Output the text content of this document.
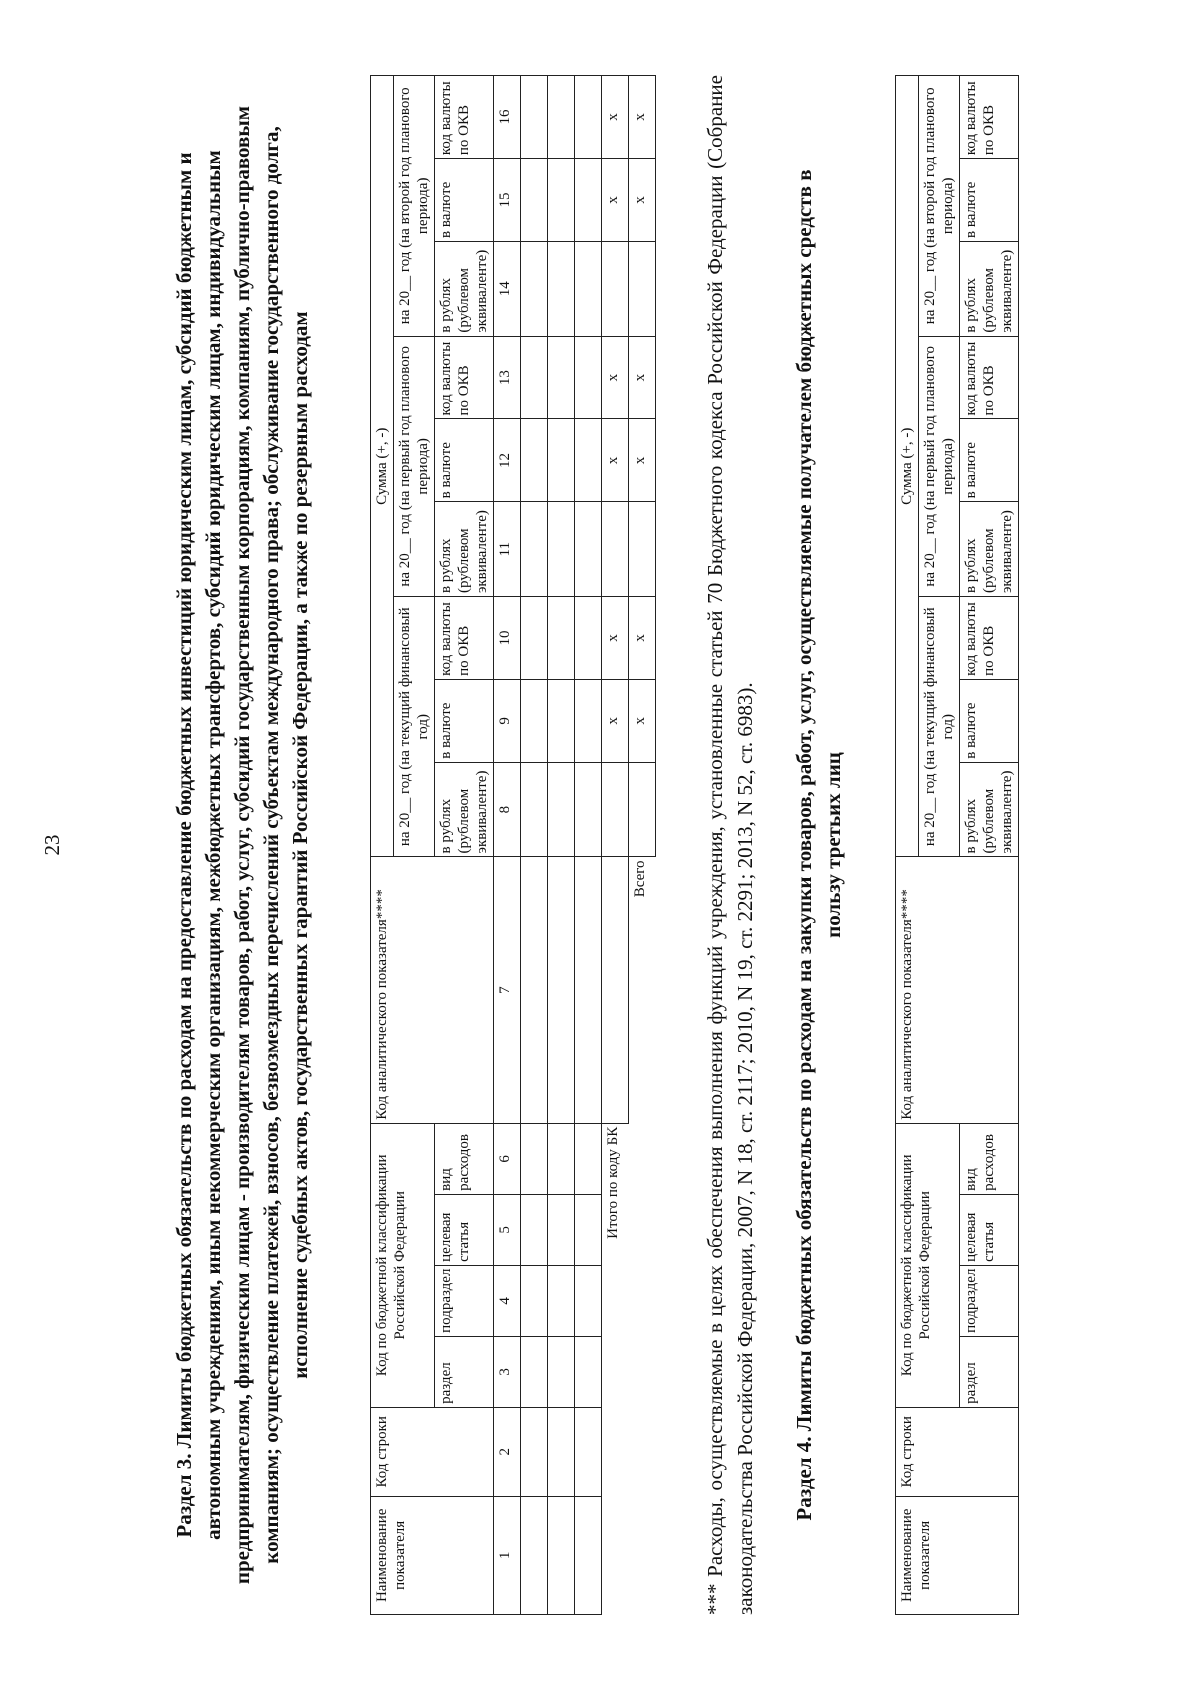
23	Раздел 3. Лимиты бюджетных обязательств по расходам на предоставление бюджетных инвестиций юридическим лицам, субсидий бюджетным и автономным учреждениям, иным некоммерческим организациям, межбюджетных трансфертов, субсидий юридическим лицам, индивидуальным предпринимателям, физическим лицам - производителям товаров, работ, услуг, субсидий государственным корпорациям, компаниям, публично-правовым компаниям; осуществление платежей, взносов, безвозмездных перечислений субъектам международного права; обслуживание государственного долга, исполнение судебных актов, государственных гарантий Российской Федерации, а также по резервным расходам
Наименование показателя	Код строки	Код по бюджетной классификации Российской Федерации				Код аналитического показателя****	Сумма (+, -)								
							на 20__ год (на текущий финансовый год)			на 20__ год (на первый год планового периода)			на 20__ год (на второй год планового периода)		
		раздел	подраздел	целевая статья	вид расходов		в рублях (рублевом эквиваленте)	в валюте	код валюты по ОКВ	в рублях (рублевом эквиваленте)	в валюте	код валюты по ОКВ	в рублях (рублевом эквиваленте)	в валюте	код валюты по ОКВ
1	2	3	4	5	6	7	8	9	10	11	12	13	14	15	16

Итого по коду БК								x	x		x	x		x	x
Всего								x	x		x	x		x	x	*** Расходы, осуществляемые в целях обеспечения выполнения функций учреждения, установленные статьей 70 Бюджетного кодекса Российской Федерации (Собрание законодательства Российской Федерации, 2007, N 18, ст. 2117; 2010, N 19, ст. 2291; 2013, N 52, ст. 6983). Раздел 4. Лимиты бюджетных обязательств по расходам на закупки товаров, работ, услуг, осуществляемые получателем бюджетных средств в пользу третьих лиц
Наименование показателя	Код строки	Код по бюджетной классификации Российской Федерации				Код аналитического показателя****	Сумма (+, -)								
							на 20__ год (на текущий финансовый год)			на 20__ год (на первый год планового периода)			на 20__ год (на второй год планового периода)		
		раздел	подраздел	целевая статья	вид расходов		в рублях (рублевом эквиваленте)	в валюте	код валюты по ОКВ	в рублях (рублевом эквиваленте)	в валюте	код валюты по ОКВ	в рублях (рублевом эквиваленте)	в валюте	код валюты по ОКВ
